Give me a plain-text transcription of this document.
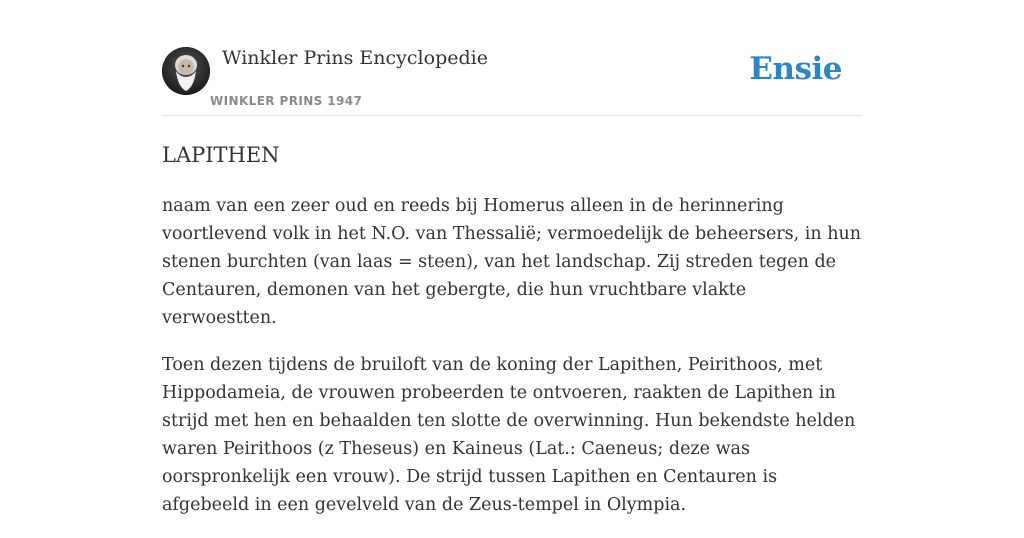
Winkler Prins Encyclopedie
WINKLER PRINS 1947
Ensie
LAPITHEN

naam van een zeer oud en reeds bij Homerus alleen in de herinnering voortlevend volk in het N.O. van Thessalië; vermoedelijk de beheersers, in hun stenen burchten (van laas = steen), van het landschap. Zij streden tegen de Centauren, demonen van het gebergte, die hun vruchtbare vlakte verwoestten.

Toen dezen tijdens de bruiloft van de koning der Lapithen, Peirithoos, met Hippodameia, de vrouwen probeerden te ontvoeren, raakten de Lapithen in strijd met hen en behaalden ten slotte de overwinning. Hun bekendste helden waren Peirithoos (z Theseus) en Kaineus (Lat.: Caeneus; deze was oorspronkelijk een vrouw). De strijd tussen Lapithen en Centauren is afgebeeld in een gevelveld van de Zeus-tempel in Olympia.
